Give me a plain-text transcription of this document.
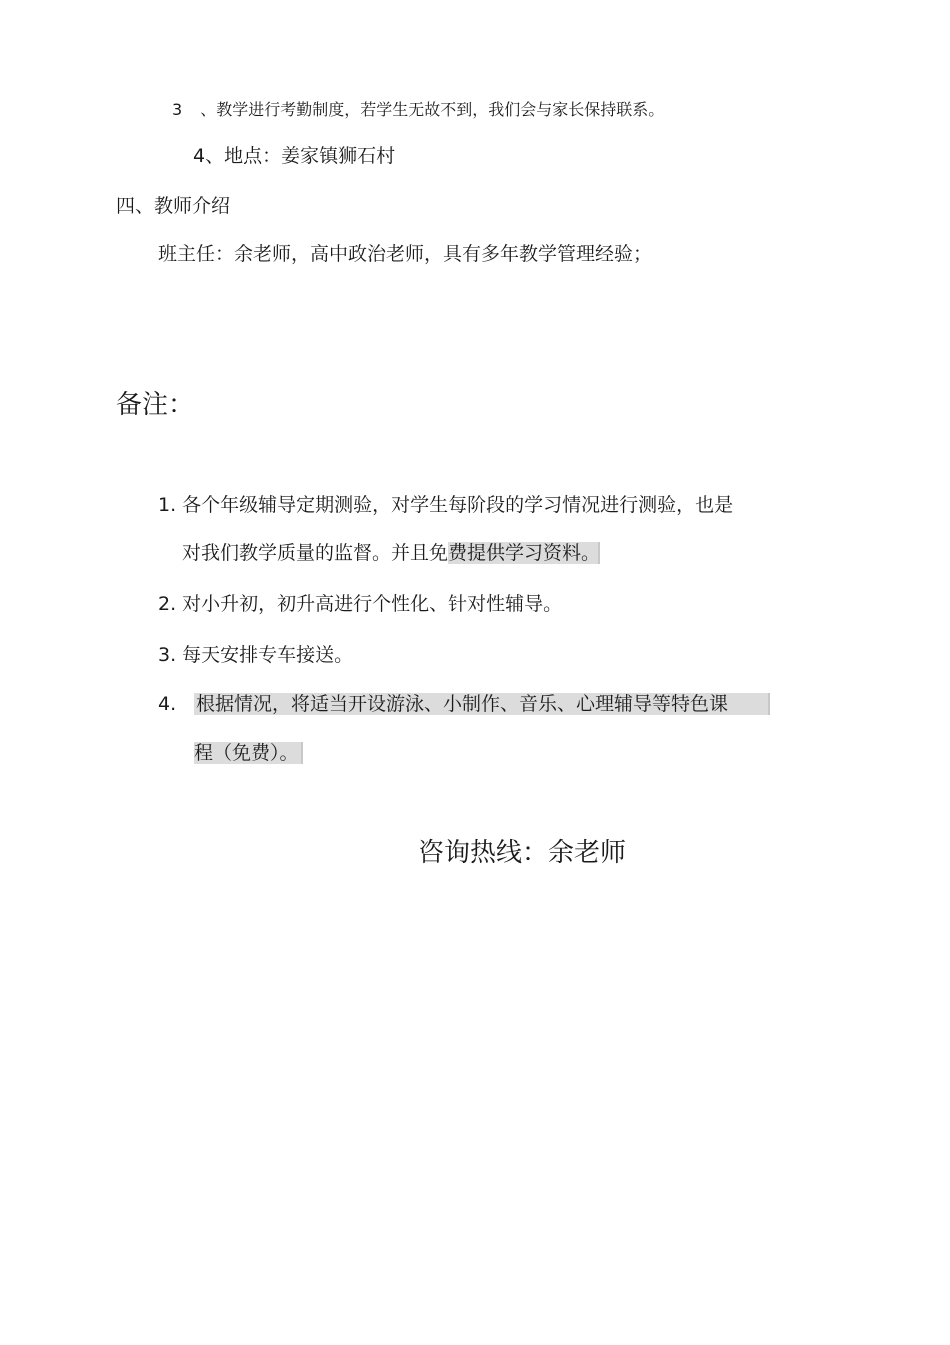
3 、教学进行考勤制度，若学生无故不到，我们会与家长保持联系。
4、地点：姜家镇狮石村
四、教师介绍
班主任：余老师，高中政治老师，具有多年教学管理经验；
备注：
1. 各个年级辅导定期测验，对学生每阶段的学习情况进行测验，也是
对我们教学质量的监督。并且免费提供学习资料。
2. 对小升初，初升高进行个性化、针对性辅导。
3. 每天安排专车接送。
4. 根据情况，将适当开设游泳、小制作、音乐、心理辅导等特色课
程（免费）。
咨询热线：余老师
